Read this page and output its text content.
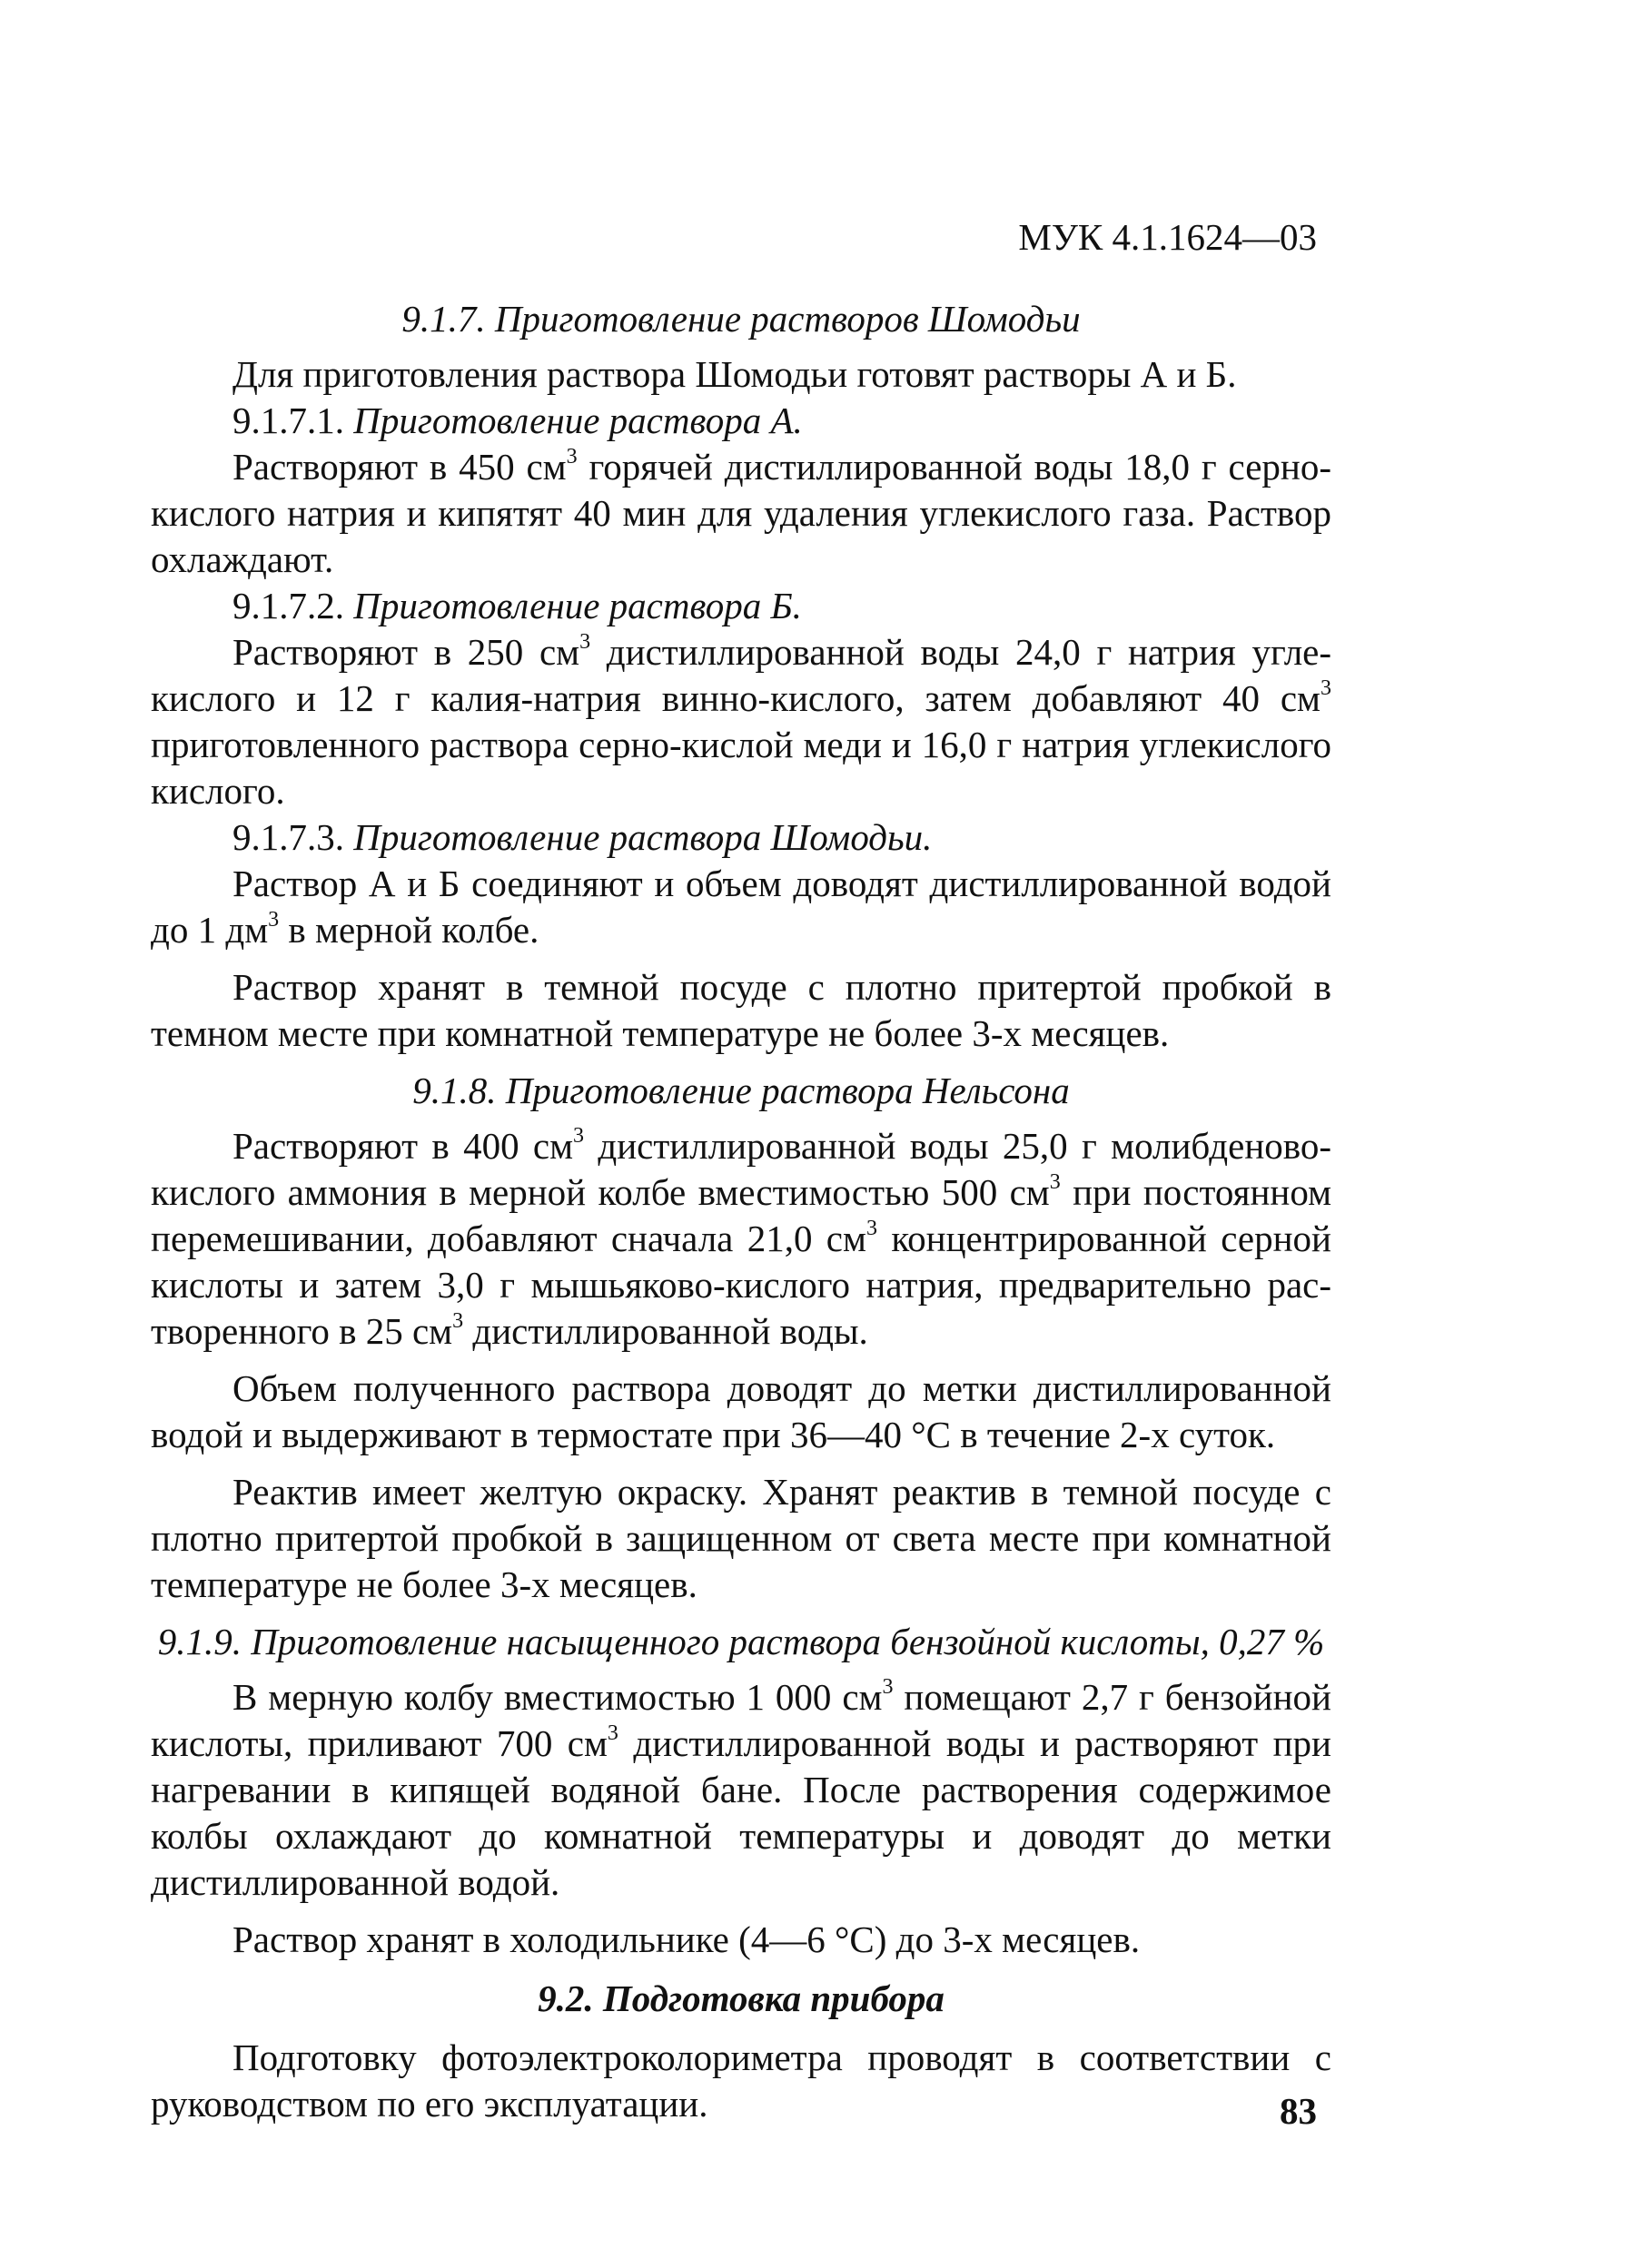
МУК 4.1.1624—03

9.1.7. Приготовление растворов Шомодьи

Для приготовления раствора Шомодьи готовят растворы А и Б.

9.1.7.1. Приготовление раствора А.

Растворяют в 450 $см^3$ горячей дистиллированной воды 18,0 г сернокислого натрия и кипятят 40 мин для удаления углекислого газа. Раствор охлаждают.

9.1.7.2. Приготовление раствора Б.

Растворяют в 250 $см^3$ дистиллированной воды 24,0 г натрия углекислого и 12 г калия-натрия винно-кислого, затем добавляют 40 $см^3$ приготовленного раствора серно-кислой меди и 16,0 г натрия углекислого кислого.

9.1.7.3. Приготовление раствора Шомодьи.

Раствор А и Б соединяют и объем доводят дистиллированной водой до 1 $дм^3$ в мерной колбе.

Раствор хранят в темной посуде с плотно притертой пробкой в темном месте при комнатной температуре не более 3-х месяцев.

9.1.8. Приготовление раствора Нельсона

Растворяют в 400 $см^3$ дистиллированной воды 25,0 г молибденовокислого аммония в мерной колбе вместимостью 500 $см^3$ при постоянном перемешивании, добавляют сначала 21,0 $см^3$ концентрированной серной кислоты и затем 3,0 г мышьяково-кислого натрия, предварительно растворенного в 25 $см^3$ дистиллированной воды.

Объем полученного раствора доводят до метки дистиллированной водой и выдерживают в термостате при 36—40 °С в течение 2-х суток.

Реактив имеет желтую окраску. Хранят реактив в темной посуде с плотно притертой пробкой в защищенном от света месте при комнатной температуре не более 3-х месяцев.

9.1.9. Приготовление насыщенного раствора бензойной кислоты, 0,27 %

В мерную колбу вместимостью 1 000 $см^3$ помещают 2,7 г бензойной кислоты, приливают 700 $см^3$ дистиллированной воды и растворяют при нагревании в кипящей водяной бане. После растворения содержимое колбы охлаждают до комнатной температуры и доводят до метки дистиллированной водой.

Раствор хранят в холодильнике (4—6 °С) до 3-х месяцев.

9.2. Подготовка прибора

Подготовку фотоэлектроколориметра проводят в соответствии с руководством по его эксплуатации.	83
